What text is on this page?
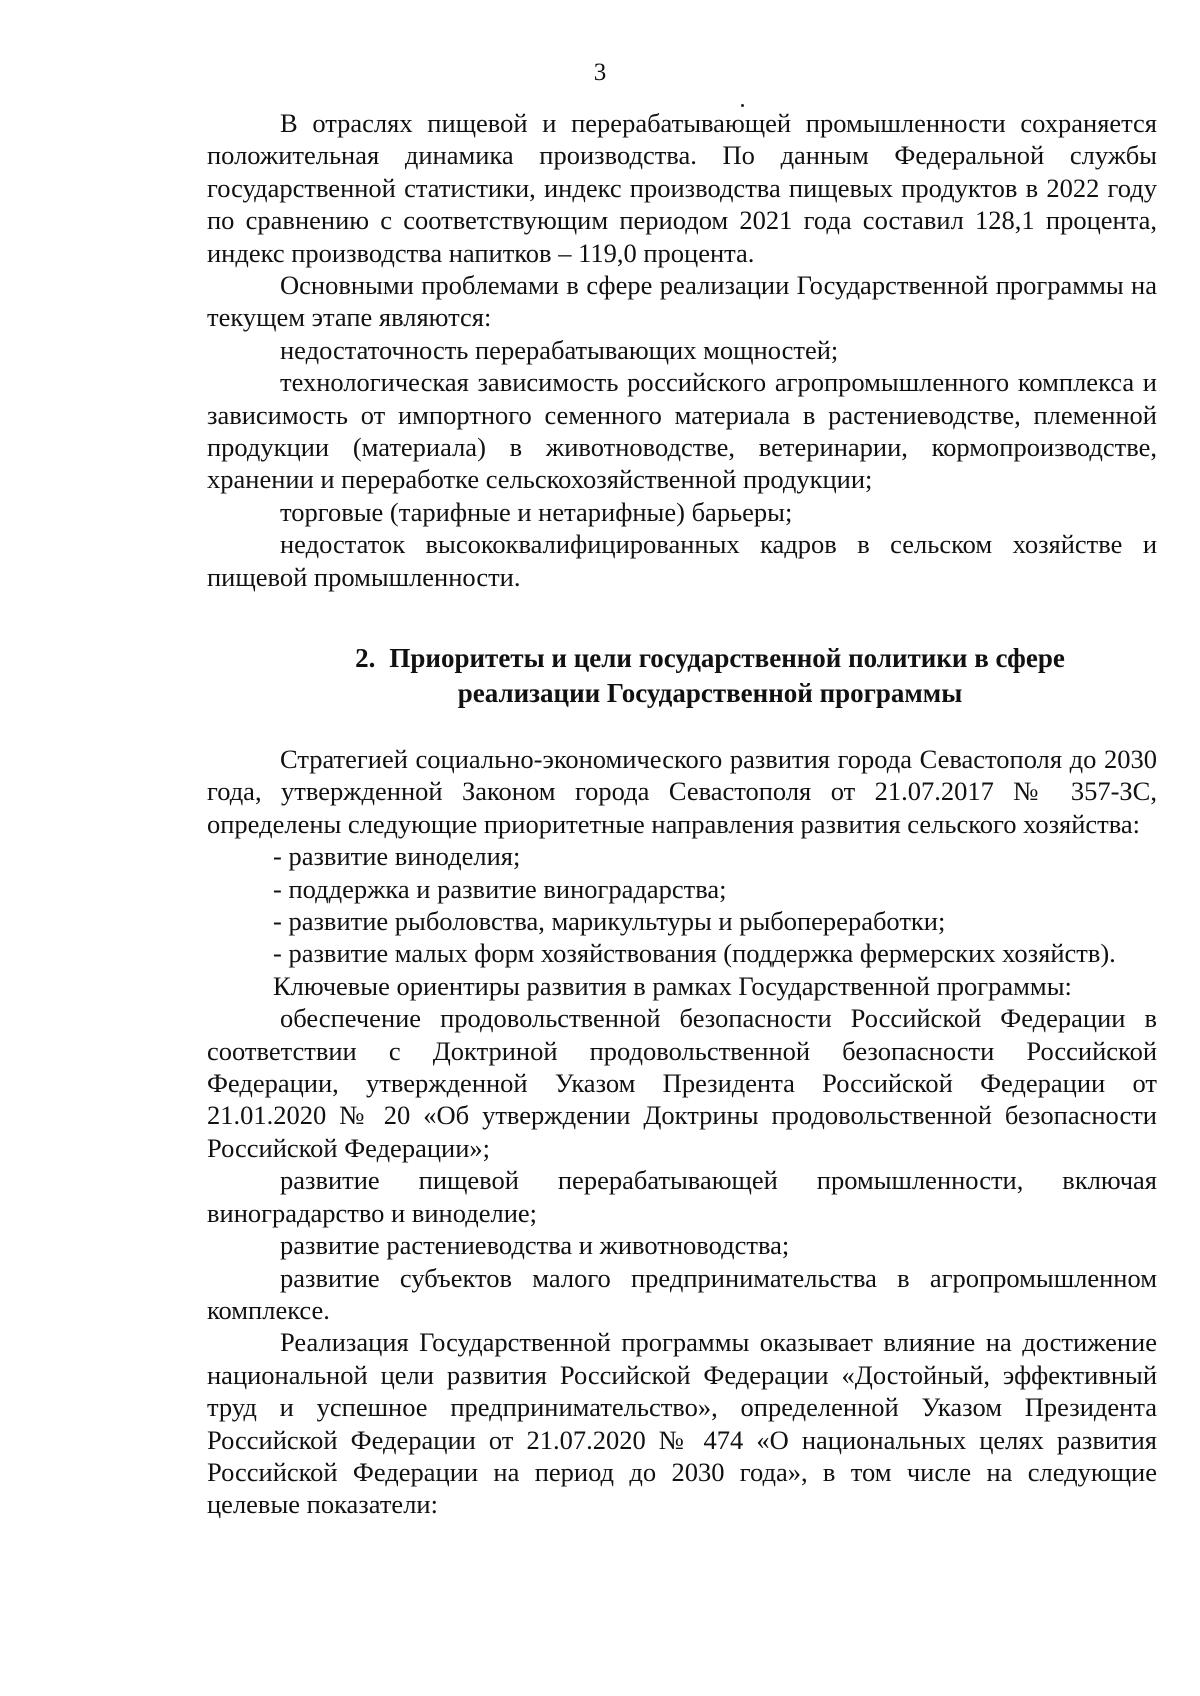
3

В отраслях пищевой и перерабатывающей промышленности сохраняется положительная динамика производства. По данным Федеральной службы государственной статистики, индекс производства пищевых продуктов в 2022 году по сравнению с соответствующим периодом 2021 года составил 128,1 процента, индекс производства напитков – 119,0 процента.

Основными проблемами в сфере реализации Государственной программы на текущем этапе являются:

недостаточность перерабатывающих мощностей;

технологическая зависимость российского агропромышленного комплекса и зависимость от импортного семенного материала в растениеводстве, племенной продукции (материала) в животноводстве, ветеринарии, кормопроизводстве, хранении и переработке сельскохозяйственной продукции;

торговые (тарифные и нетарифные) барьеры;

недостаток высококвалифицированных кадров в сельском хозяйстве и пищевой промышленности.

2. Приоритеты и цели государственной политики в сфере
реализации Государственной программы

Стратегией социально-экономического развития города Севастополя до 2030 года, утвержденной Законом города Севастополя от 21.07.2017 № 357-ЗС, определены следующие приоритетные направления развития сельского хозяйства:

- развитие виноделия;

- поддержка и развитие виноградарства;

- развитие рыболовства, марикультуры и рыбопереработки;

- развитие малых форм хозяйствования (поддержка фермерских хозяйств).

Ключевые ориентиры развития в рамках Государственной программы:

обеспечение продовольственной безопасности Российской Федерации в соответствии с Доктриной продовольственной безопасности Российской Федерации, утвержденной Указом Президента Российской Федерации от 21.01.2020 № 20 «Об утверждении Доктрины продовольственной безопасности Российской Федерации»;

развитие пищевой перерабатывающей промышленности, включая виноградарство и виноделие;

развитие растениеводства и животноводства;

развитие субъектов малого предпринимательства в агропромышленном комплексе.

Реализация Государственной программы оказывает влияние на достижение национальной цели развития Российской Федерации «Достойный, эффективный труд и успешное предпринимательство», определенной Указом Президента Российской Федерации от 21.07.2020 № 474 «О национальных целях развития Российской Федерации на период до 2030 года», в том числе на следующие целевые показатели:
